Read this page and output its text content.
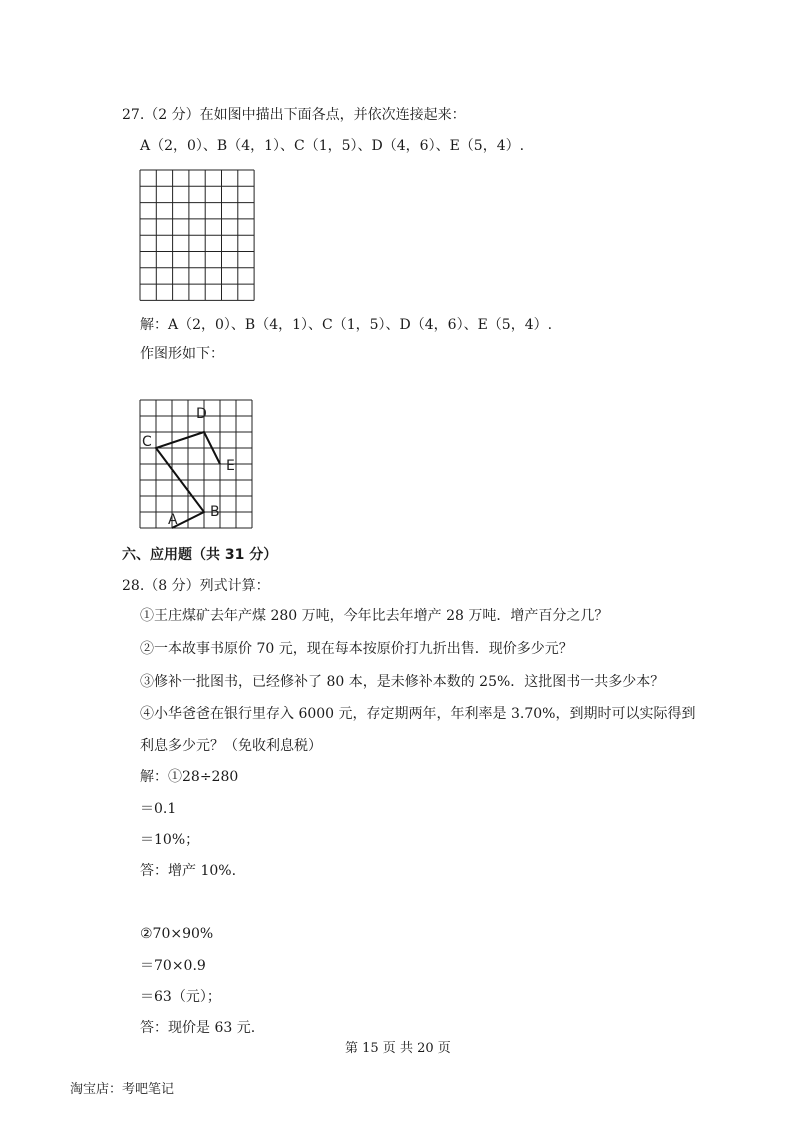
27.（2 分）在如图中描出下面各点，并依次连接起来：
A（2，0）、B（4，1）、C（1，5）、D（4，6）、E（5，4）.
解：A（2，0）、B（4，1）、C（1，5）、D（4，6）、E（5，4）.
作图形如下：
A B
C
D
E
六、应用题（共 31 分）
28.（8 分）列式计算：
①王庄煤矿去年产煤 280 万吨，今年比去年增产 28 万吨．增产百分之几？
②一本故事书原价 70 元，现在每本按原价打九折出售．现价多少元？
③修补一批图书，已经修补了 80 本，是未修补本数的 25%．这批图书一共多少本？
④小华爸爸在银行里存入 6000 元，存定期两年，年利率是 3.70%，到期时可以实际得到
利息多少元？（免收利息税）
解：①28÷280
＝0.1
＝10%；
答：增产 10%.
②70×90%
＝70×0.9
＝63（元）；
答：现价是 63 元.
第 15 页 共 20 页
淘宝店：考吧笔记
